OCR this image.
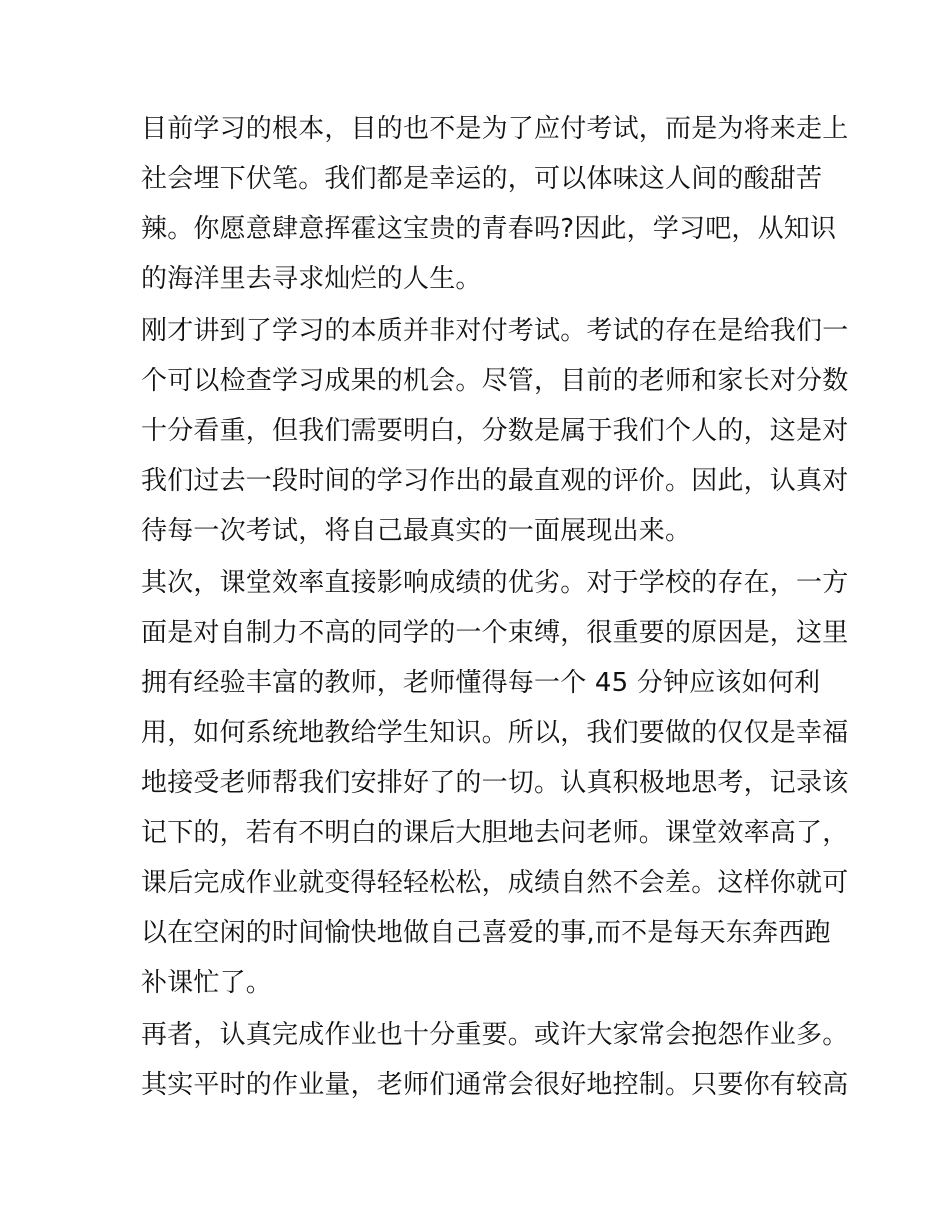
目前学习的根本，目的也不是为了应付考试，而是为将来走上
社会埋下伏笔。我们都是幸运的，可以体味这人间的酸甜苦
辣。你愿意肆意挥霍这宝贵的青春吗?因此，学习吧，从知识
的海洋里去寻求灿烂的人生。
刚才讲到了学习的本质并非对付考试。考试的存在是给我们一
个可以检查学习成果的机会。尽管，目前的老师和家长对分数
十分看重，但我们需要明白，分数是属于我们个人的，这是对
我们过去一段时间的学习作出的最直观的评价。因此，认真对
待每一次考试，将自己最真实的一面展现出来。
其次，课堂效率直接影响成绩的优劣。对于学校的存在，一方
面是对自制力不高的同学的一个束缚，很重要的原因是，这里
拥有经验丰富的教师，老师懂得每一个 45 分钟应该如何利
用，如何系统地教给学生知识。所以，我们要做的仅仅是幸福
地接受老师帮我们安排好了的一切。认真积极地思考，记录该
记下的，若有不明白的课后大胆地去问老师。课堂效率高了，
课后完成作业就变得轻轻松松，成绩自然不会差。这样你就可
以在空闲的时间愉快地做自己喜爱的事,而不是每天东奔西跑
补课忙了。
再者，认真完成作业也十分重要。或许大家常会抱怨作业多。
其实平时的作业量，老师们通常会很好地控制。只要你有较高
